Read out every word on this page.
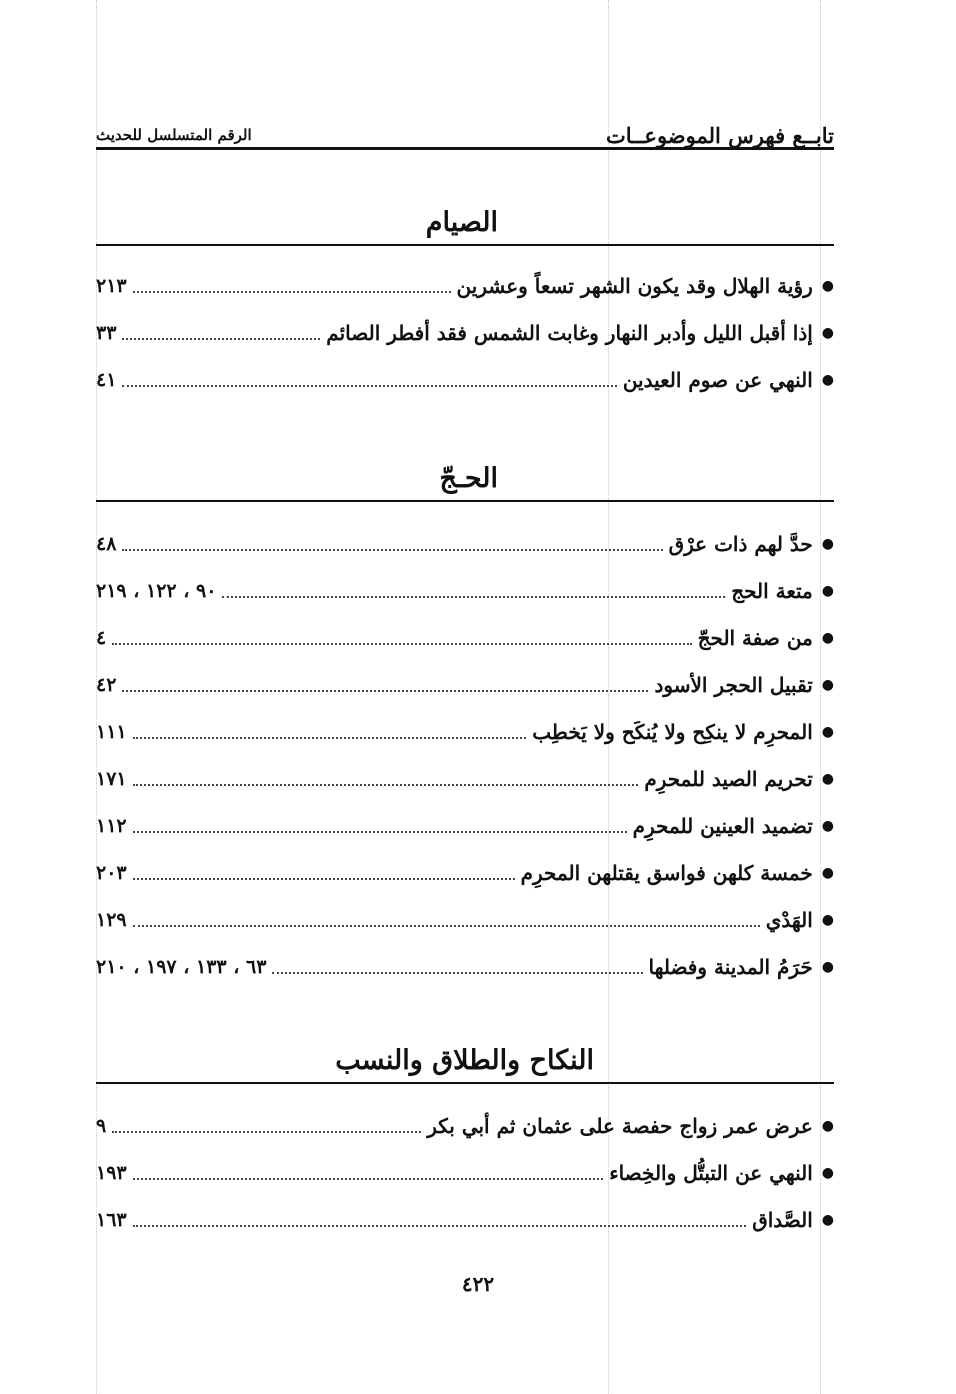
تابــع فهرس الموضوعــات
الرقم المتسلسل للحديث
الصيام
●
رؤية الهلال وقد يكون الشهر تسعاً وعشرين
٢١٣
●
إذا أقبل الليل وأدبر النهار وغابت الشمس فقد أفطر الصائم
٣٣
●
النهي عن صوم العيدين
٤١
الحـجّ
●
حدَّ لهم ذات عرْق
٤٨
●
متعة الحج
٩٠ ، ١٢٢ ، ٢١٩
●
من صفة الحجّ
٤
●
تقبيل الحجر الأسود
٤٢
●
المحرِم لا ينكِح ولا يُنكَح ولا يَخطِب
١١١
●
تحريم الصيد للمحرِم
١٧١
●
تضميد العينين للمحرِم
١١٢
●
خمسة كلهن فواسق يقتلهن المحرِم
٢٠٣
●
الهَدْي
١٢٩
●
حَرَمُ المدينة وفضلها
٦٣ ، ١٣٣ ، ١٩٧ ، ٢١٠
النكاح والطلاق والنسب
●
عرض عمر زواج حفصة على عثمان ثم أبي بكر
٩
●
النهي عن التبتُّل والخِصاء
١٩٣
●
الصَّداق
١٦٣
٤٢٢
